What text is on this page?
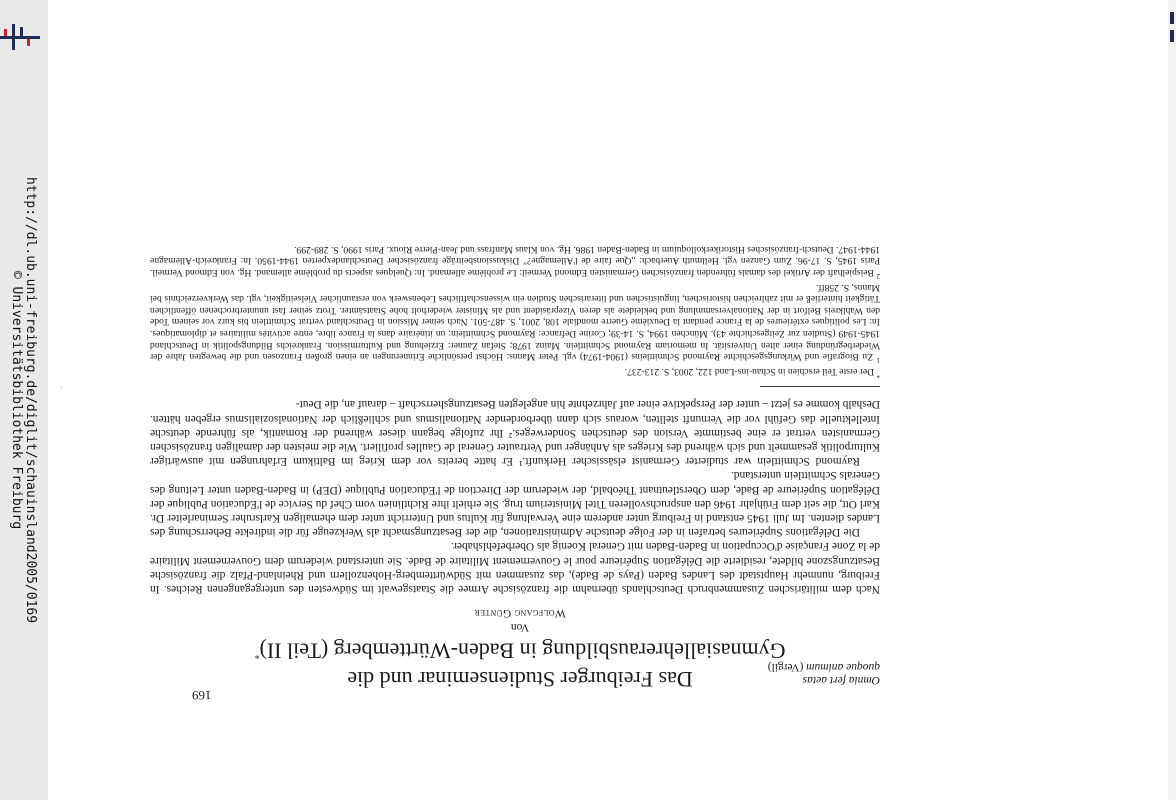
http://dl.ub.uni-freiburg.de/diglit/schauinsland2005/0169
© Universitätsbibliothek Freiburg	·
169
Omnia fert aetas
quoque animum (Vergil)
Das Freiburger Studienseminar und die
Gymnasiallehrerausbildung in Baden-Württemberg (Teil II)*
Von
Wolfgang Günter

Nach dem militärischen Zusammenbruch Deutschlands übernahm die französische Armee die Staatsgewalt im Südwesten des untergegangenen Reiches. In Freiburg, nunmehr Hauptstadt des Landes Baden (Pays de Bade), das zusammen mit Südwürttemberg-Hohenzollern und Rheinland-Pfalz die französische Besatzungszone bildete, residierte die Délégation Supérieure pour le Gouvernement Militaire de Bade. Sie unterstand wiederum dem Gouvernement Militaire de la Zone Française d'Occupation in Baden-Baden mit General Koenig als Oberbefehlshaber.

Die Délégations Supérieures betrafen in der Folge deutsche Administrationen, die der Besatzungsmacht als Werkzeuge für die indirekte Beherrschung des Landes dienten. Im Juli 1945 entstand in Freiburg unter anderem eine Verwaltung für Kultus und Unterricht unter dem ehemaligen Karlsruher Seminarleiter Dr. Karl Ott, die seit dem Frühjahr 1946 den anspruchsvolleren Titel Ministerium trug. Sie erhielt ihre Richtlinien vom Chef du Service de l'Education Publique der Délégation Supérieure de Bade, dem Oberstleutnant Théobald, der wiederum der Direction de l'Education Publique (DEP) in Baden-Baden unter Leitung des Generals Schmittlein unterstand.

Raymond Schmittlein war studierter Germanist elsässischer Herkunft.¹ Er hatte bereits vor dem Krieg im Baltikum Erfahrungen mit auswärtiger Kulturpolitik gesammelt und sich während des Krieges als Anhänger und Vertrauter General de Gaulles profiliert. Wie die meisten der damaligen französischen Germanisten vertrat er eine bestimmte Version des deutschen Sonderweges.² Ihr zufolge begann dieser während der Romantik, als führende deutsche Intellektuelle das Gefühl vor die Vernunft stellten, woraus sich dann überbordender Nationalismus und schließlich der Nationalsozialismus ergeben hätten. Deshalb komme es jetzt – unter der Perspektive einer auf Jahrzehnte hin angelegten Besatzungsherrschaft – darauf an, die Deut-

* Der erste Teil erschien in Schau-ins-Land 122, 2003, S. 213-237.

$^1$ Zu Biografie und Wirkungsgeschichte Raymond Schmittleins (1904-1974) vgl. Peter Manns: Höchst persönliche Erinnerungen an einen großen Franzosen und die bewegten Jahre der Wiederbegründung einer alten Universität. In memoriam Raymond Schmittlein. Mainz 1978; Stefan Zauner: Erziehung und Kulturmission. Frankreichs Bildungspolitik in Deutschland 1945-1949 (Studien zur Zeitgeschichte 43). München 1994, S. 14-39; Corine Defrance: Raymond Schmittlein: un itinéraire dans la France libre, entre activités militaires et diplomatiques. In: Les politiques extérieures de la France pendant la Deuxième Guerre mondiale 108, 2001, S. 487-501. Nach seiner Mission in Deutschland vertrat Schmittlein bis kurz vor seinem Tode den Wahlkreis Belfort in der Nationalversammlung und bekleidete als deren Vizepräsident und als Minister wiederholt hohe Staatsämter. Trotz seiner fast ununterbrochenen öffentlichen Tätigkeit hinterließ er mit zahlreichen historischen, linguistischen und literarischen Studien ein wissenschaftliches Lebenswerk von erstaunlicher Vielseitigkeit, vgl. das Werkverzeichnis bei Manns, S. 258ff.

$^2$ Beispielhaft der Artikel des damals führenden französischen Germanisten Edmond Vermeil: Le problème allemand. In: Quelques aspects du problème allemand. Hg. von Edmond Vermeil. Paris 1945, S. 17-96. Zum Ganzen vgl. Hellmuth Auerbach: „Que faire de l'Allemagne?" Diskussionsbeiträge französischer Deutschlandexperten 1944-1950. In: Frankreich-Allemagne 1944-1947. Deutsch-französisches Historikerkolloquium in Baden-Baden 1986. Hg. von Klaus Manfrass und Jean-Pierre Rioux. Paris 1990, S. 289-299.
